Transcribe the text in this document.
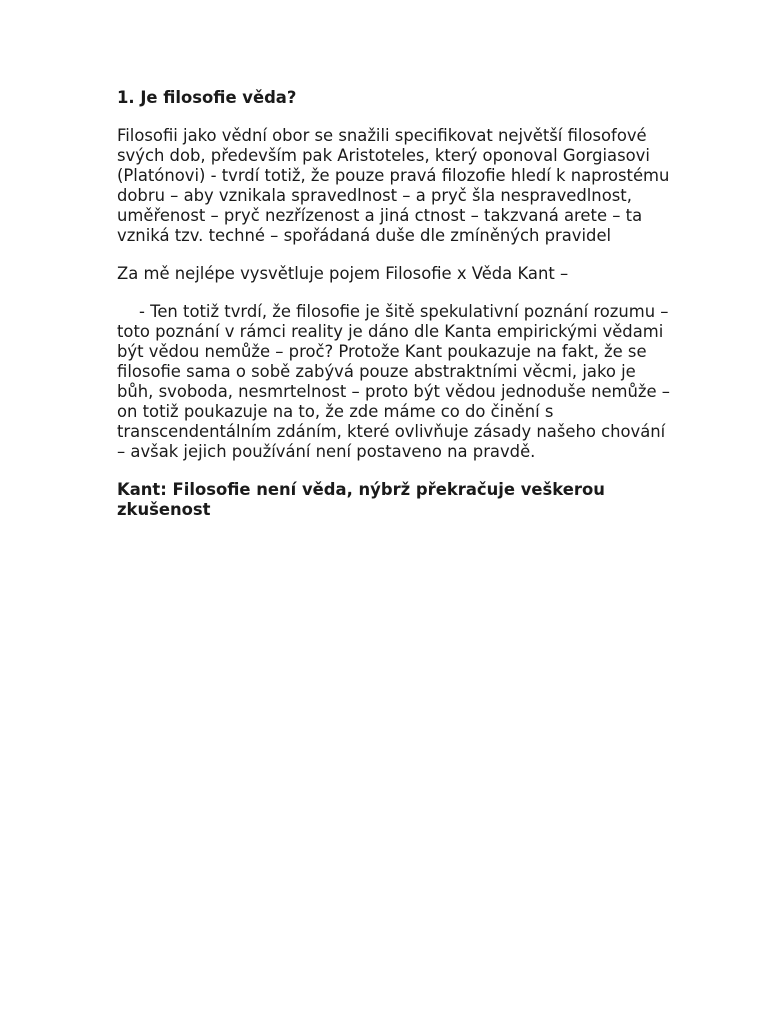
1. Je filosofie věda?

Filosofii jako vědní obor se snažili specifikovat největší filosofové svých dob, především pak Aristoteles, který oponoval Gorgiasovi (Platónovi) - tvrdí totiž, že pouze pravá filozofie hledí k naprostému dobru – aby vznikala spravedlnost – a pryč šla nespravedlnost, uměřenost – pryč nezřízenost a jiná ctnost – takzvaná arete – ta vzniká tzv. techné – spořádaná duše dle zmíněných pravidel

Za mě nejlépe vysvětluje pojem Filosofie x Věda Kant –

- Ten totiž tvrdí, že filosofie je šitě spekulativní poznání rozumu – toto poznání v rámci reality je dáno dle Kanta empirickými vědami být vědou nemůže – proč? Protože Kant poukazuje na fakt, že se filosofie sama o sobě zabývá pouze abstraktními věcmi, jako je bůh, svoboda, nesmrtelnost – proto být vědou jednoduše nemůže – on totiž poukazuje na to, že zde máme co do činění s transcendentálním zdáním, které ovlivňuje zásady našeho chování – avšak jejich používání není postaveno na pravdě.

Kant: Filosofie není věda, nýbrž překračuje veškerou zkušenost
